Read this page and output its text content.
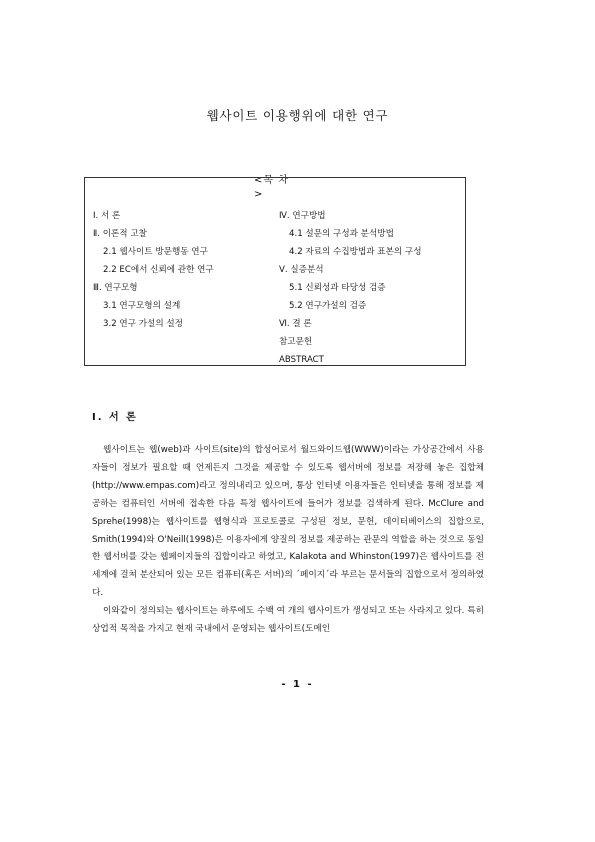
웹사이트 이용행위에 대한 연구
<목 차
>
Ⅰ. 서 론
Ⅱ. 이론적 고찰
2.1 웹사이트 방문행동 연구
2.2 EC에서 신뢰에 관한 연구
Ⅲ. 연구모형
3.1 연구모형의 설계
3.2 연구 가설의 설정
Ⅳ. 연구방법
4.1 설문의 구성과 분석방법
4.2 자료의 수집방법과 표본의 구성
Ⅴ. 실증분석
5.1 신뢰성과 타당성 검증
5.2 연구가설의 검증
Ⅵ. 결 론
참고문헌
ABSTRACT
Ⅰ. 서 론

웹사이트는 웹(web)과 사이트(site)의 합성어로서 월드와이드웹(WWW)이라는 가상공간에서 사용자들이 정보가 필요할 때 언제든지 그것을 제공할 수 있도록 웹서버에 정보를 저장해 놓은 집합체(http://www.empas.com)라고 정의내리고 있으며, 통상 인터넷 이용자들은 인터넷을 통해 정보를 제공하는 컴퓨터인 서버에 접속한 다음 특정 웹사이트에 들어가 정보를 검색하게 된다. McClure and Sprehe(1998)는 웹사이트를 웹형식과 프로토콜로 구성된 정보, 문헌, 데이터베이스의 집합으로, Smith(1994)와 O'Neill(1998)은 이용자에게 양질의 정보를 제공하는 관문의 역할을 하는 것으로 동일한 웹서버를 갖는 웹페이지들의 집합이라고 하였고, Kalakota and Whinston(1997)은 웹사이트를 전세계에 걸쳐 분산되어 있는 모든 컴퓨터(혹은 서버)의 ´페이지´라 부르는 문서들의 집합으로서 정의하였다.

이와같이 정의되는 웹사이트는 하루에도 수백 여 개의 웹사이트가 생성되고 또는 사라지고 있다. 특히 상업적 목적을 가지고 현재 국내에서 운영되는 웹사이트(도메인

- 1 -
